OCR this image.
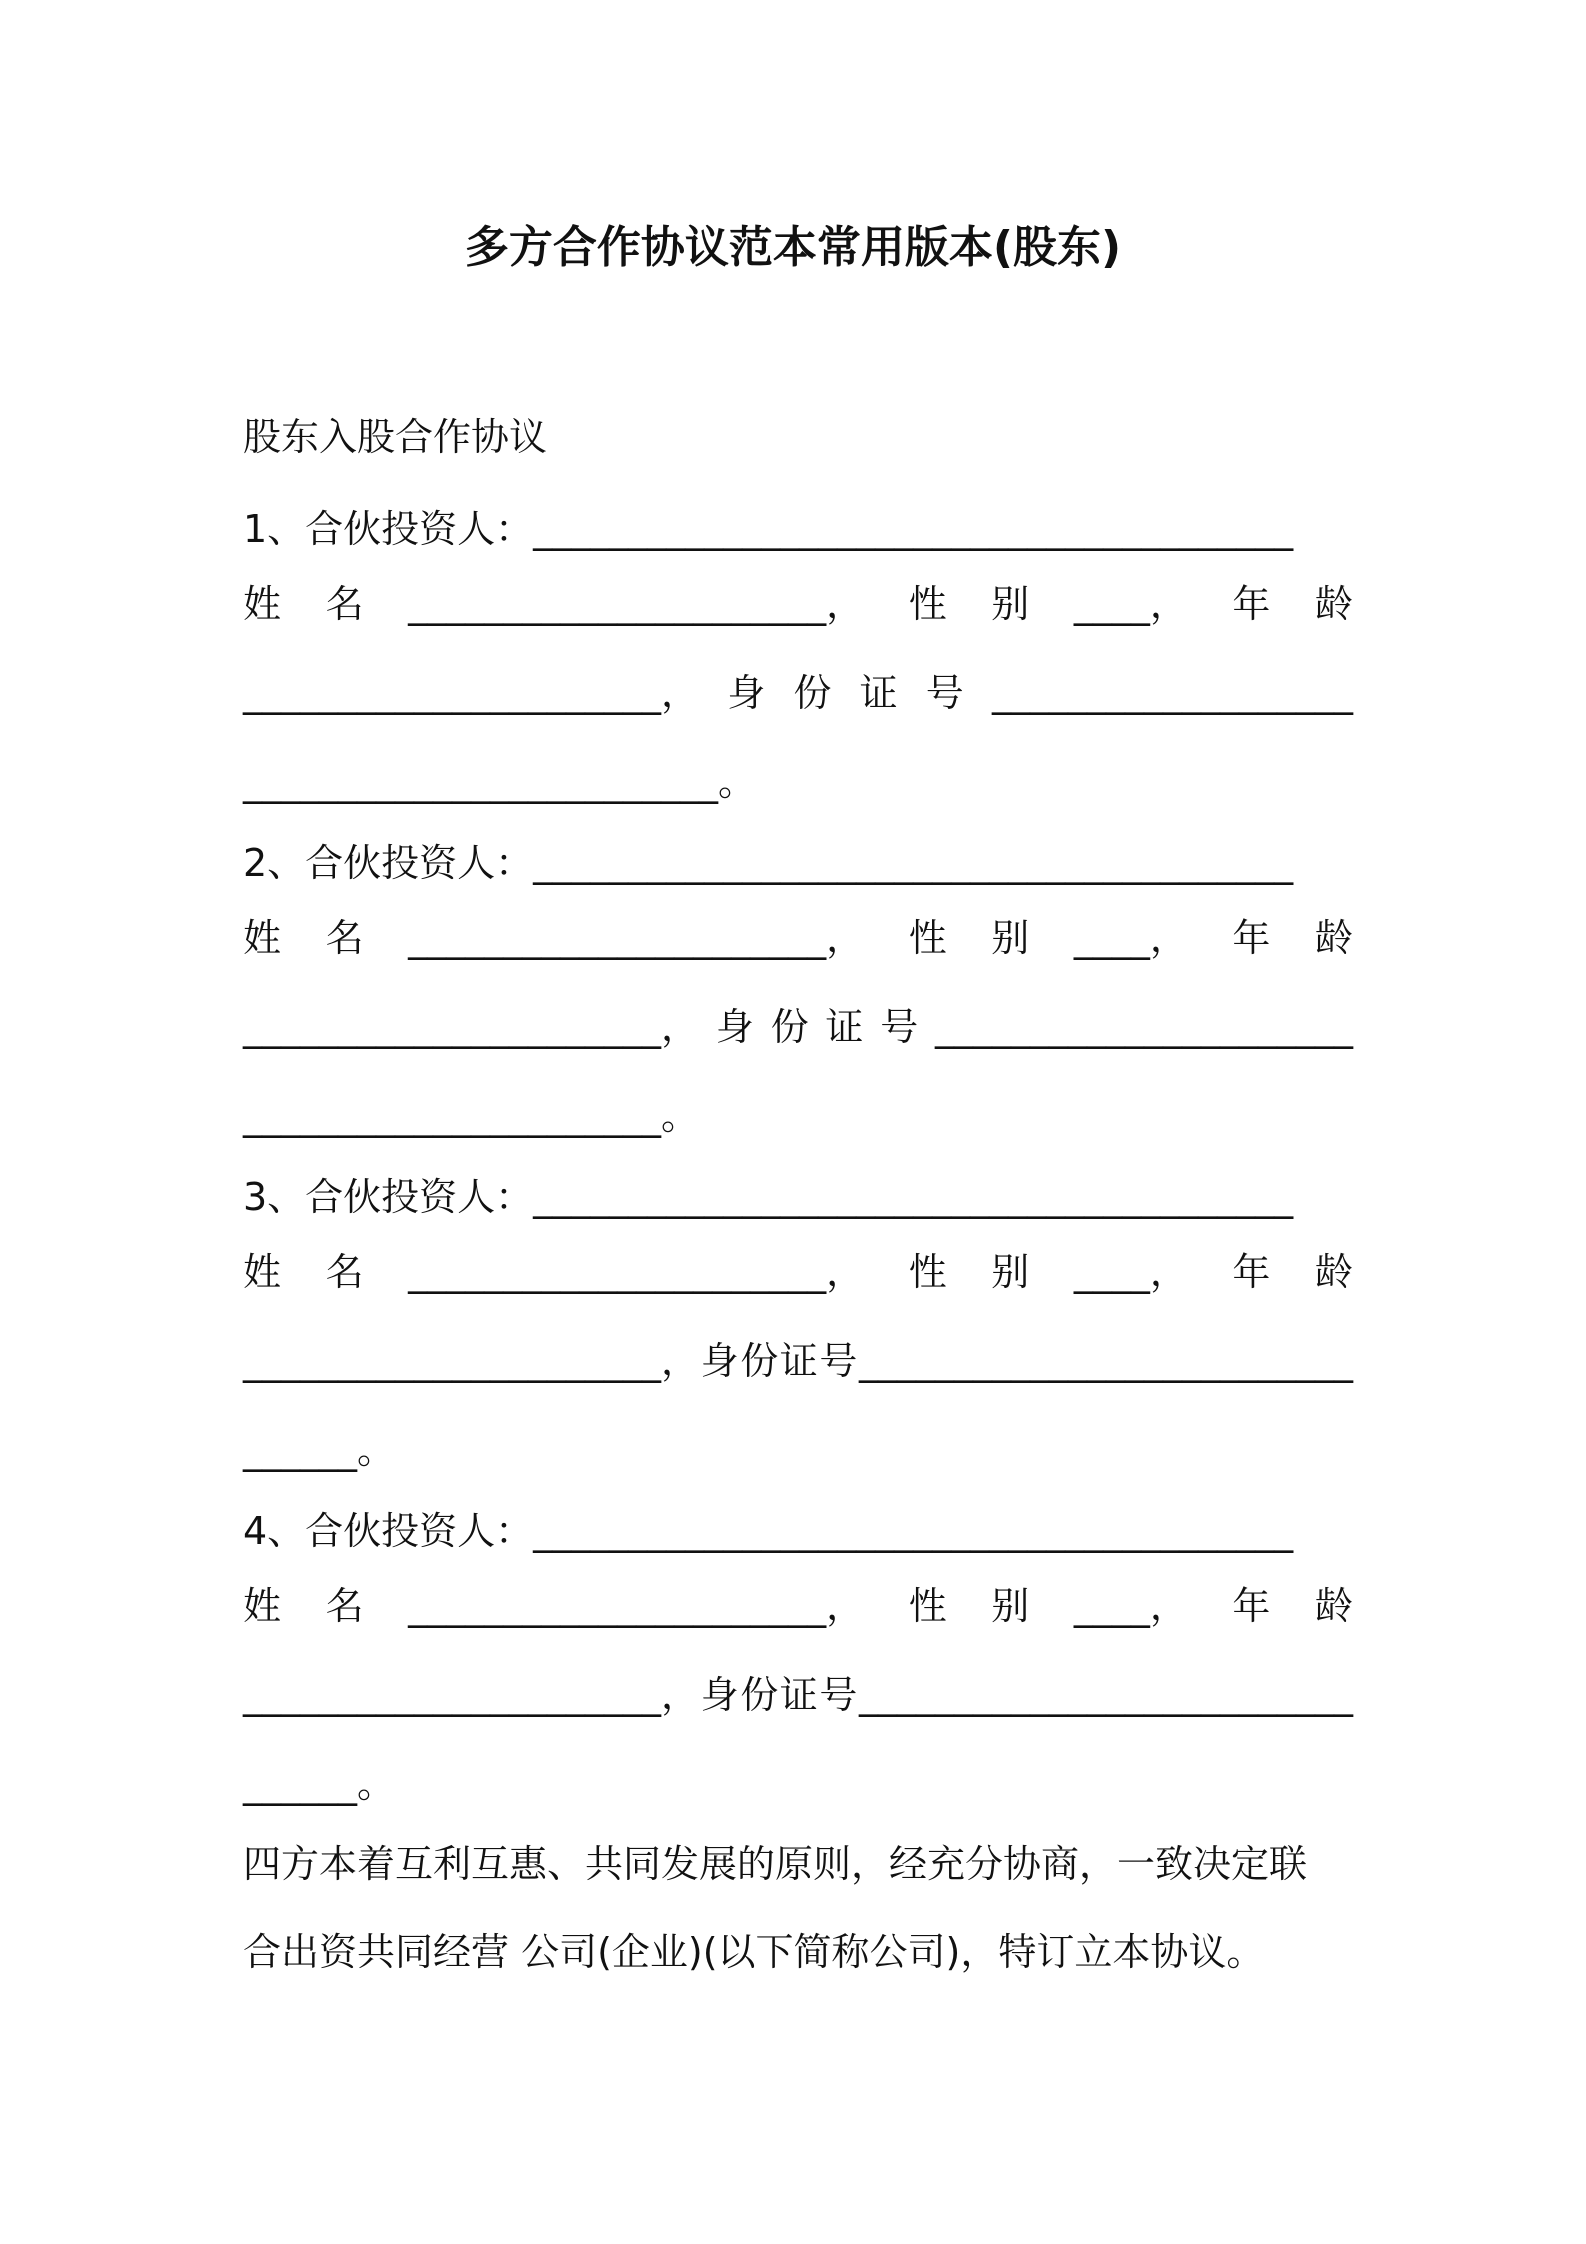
多方合作协议范本常用版本(股东)
股东入股合作协议
1、合伙投资人：________________________________________
姓 名 ______________________， 性 别 ____， 年 龄
______________________， 身 份 证 号 ___________________
_________________________。
2、合伙投资人：________________________________________
姓 名 ______________________， 性 别 ____， 年 龄
______________________， 身 份 证 号 ______________________
______________________。
3、合伙投资人：________________________________________
姓 名 ______________________， 性 别 ____， 年 龄
______________________， 身 份 证 号 __________________________
______。
4、合伙投资人：________________________________________
姓 名 ______________________， 性 别 ____， 年 龄
______________________， 身 份 证 号 __________________________
______。
四方本着互利互惠、共同发展的原则，经充分协商，一致决定联
合出资共同经营 公司(企业)(以下简称公司)，特订立本协议。
